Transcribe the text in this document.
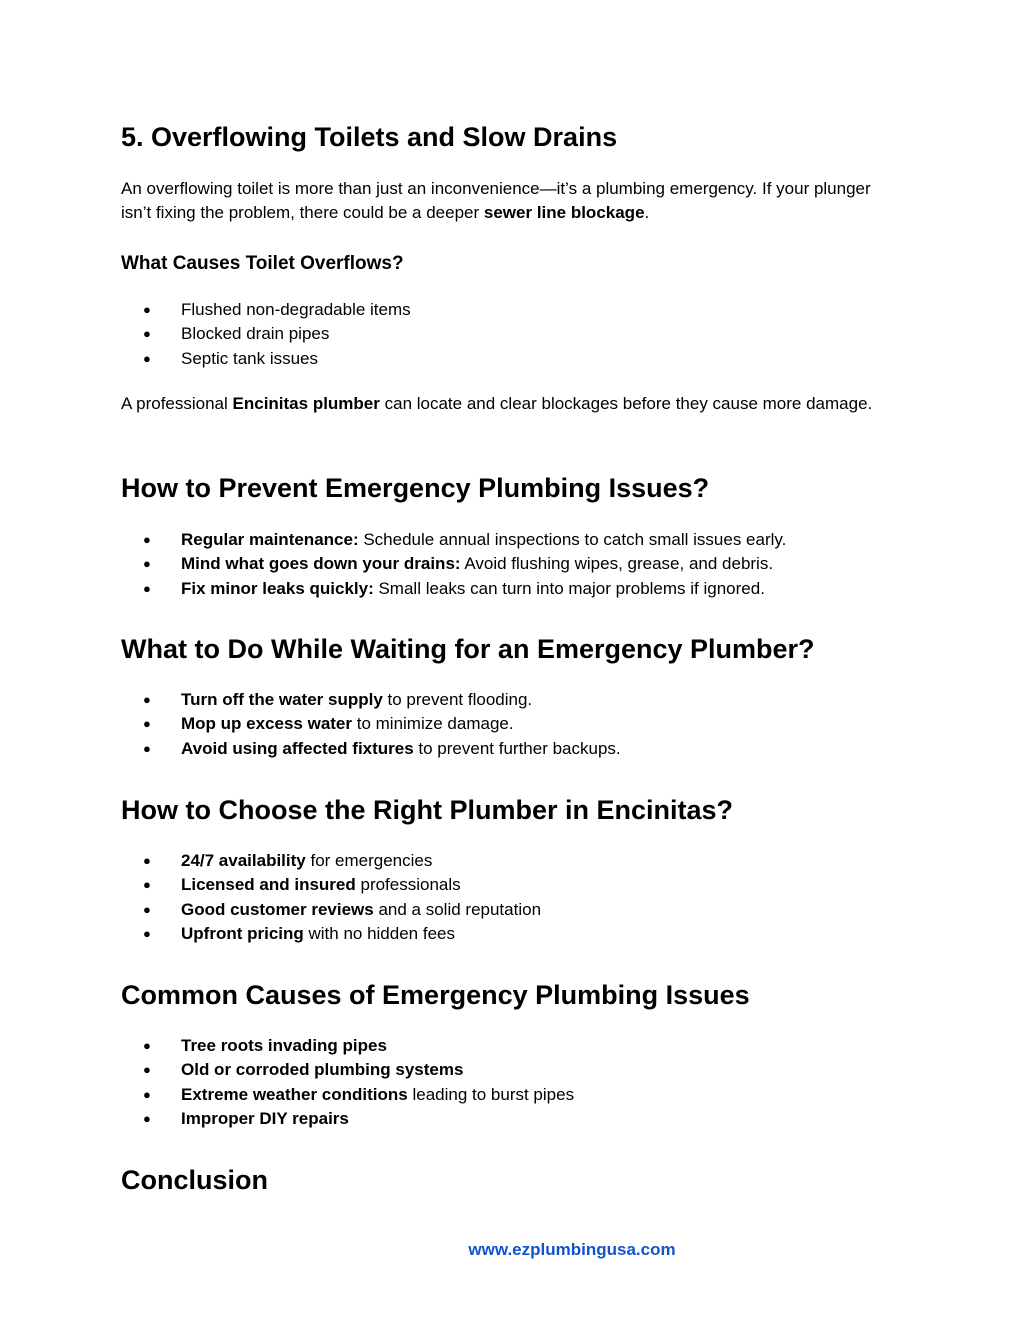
5. Overflowing Toilets and Slow Drains

An overflowing toilet is more than just an inconvenience—it’s a plumbing emergency. If your plunger isn’t fixing the problem, there could be a deeper sewer line blockage.

What Causes Toilet Overflows?
● Flushed non-degradable items
● Blocked drain pipes
● Septic tank issues

A professional Encinitas plumber can locate and clear blockages before they cause more damage.

How to Prevent Emergency Plumbing Issues?
● Regular maintenance: Schedule annual inspections to catch small issues early.
● Mind what goes down your drains: Avoid flushing wipes, grease, and debris.
● Fix minor leaks quickly: Small leaks can turn into major problems if ignored.
What to Do While Waiting for an Emergency Plumber?
● Turn off the water supply to prevent flooding.
● Mop up excess water to minimize damage.
● Avoid using affected fixtures to prevent further backups.
How to Choose the Right Plumber in Encinitas?
● 24/7 availability for emergencies
● Licensed and insured professionals
● Good customer reviews and a solid reputation
● Upfront pricing with no hidden fees
Common Causes of Emergency Plumbing Issues
● Tree roots invading pipes
● Old or corroded plumbing systems
● Extreme weather conditions leading to burst pipes
● Improper DIY repairs
Conclusion
www.ezplumbingusa.com
